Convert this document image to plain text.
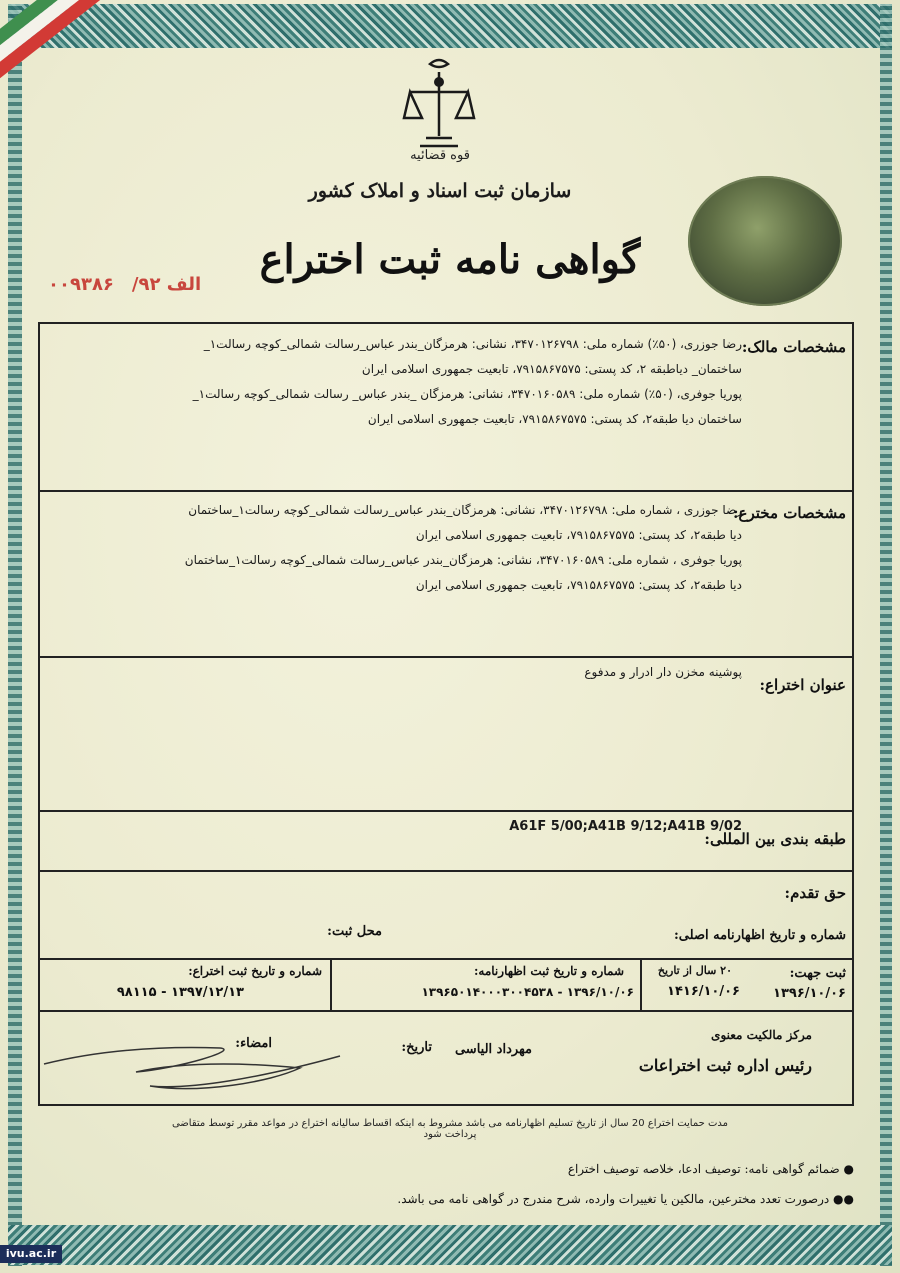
قوه قضائیه
سازمان ثبت اسناد و املاک کشور
گواهی نامه ثبت اختراع
الف ۹۲/
۰۰۹۳۸۶
مشخصات مالک:

رضا جوزری، (۵۰٪) شماره ملی: ۳۴۷۰۱۲۶۷۹۸، نشانی: هرمزگان_بندر عباس_رسالت شمالی_کوچه رسالت۱_

ساختمان_ دیاطبقه ۲، کد پستی: ۷۹۱۵۸۶۷۵۷۵، تابعیت جمهوری اسلامی ایران

پوریا جوفری، (۵۰٪) شماره ملی: ۳۴۷۰۱۶۰۵۸۹، نشانی: هرمزگان _بندر عباس_ رسالت شمالی_کوچه رسالت۱_

ساختمان دیا طبقه۲، کد پستی: ۷۹۱۵۸۶۷۵۷۵، تابعیت جمهوری اسلامی ایران

مشخصات مخترع:

رضا جوزری ، شماره ملی: ۳۴۷۰۱۲۶۷۹۸، نشانی: هرمزگان_بندر عباس_رسالت شمالی_کوچه رسالت۱_ساختمان

دیا طبقه۲، کد پستی: ۷۹۱۵۸۶۷۵۷۵، تابعیت جمهوری اسلامی ایران

پوریا جوفری ، شماره ملی: ۳۴۷۰۱۶۰۵۸۹، نشانی: هرمزگان_بندر عباس_رسالت شمالی_کوچه رسالت۱_ساختمان

دیا طبقه۲، کد پستی: ۷۹۱۵۸۶۷۵۷۵، تابعیت جمهوری اسلامی ایران

عنوان اختراع:
پوشینه مخزن دار ادرار و مدفوع
طبقه بندی بین المللی:
A61F 5/00;A41B 9/12;A41B 9/02
حق تقدم:
شماره و تاریخ اظهارنامه اصلی:
محل ثبت:
ثبت جهت:
۱۳۹۶/۱۰/۰۶
۲۰ سال از تاریخ
۱۴۱۶/۱۰/۰۶
شماره و تاریخ ثبت اظهارنامه:
۱۳۹۶/۱۰/۰۶ - ۱۳۹۶۵۰۱۴۰۰۰۳۰۰۴۵۳۸
شماره و تاریخ ثبت اختراع:
۱۳۹۷/۱۲/۱۳ - ۹۸۱۱۵
مرکز مالکیت معنوی
رئیس اداره ثبت اختراعات
مهرداد الیاسی
تاریخ:
امضاء:
مدت حمایت اختراع 20 سال از تاریخ تسلیم اظهارنامه می باشد مشروط به اینکه اقساط سالیانه اختراع در مواعد مقرر توسط متقاضی پرداخت شود
● ضمائم گواهی نامه: توصیف ادعا، خلاصه توصیف اختراع
●● درصورت تعدد مخترعین، مالکین یا تغییرات وارده، شرح مندرج در گواهی نامه می باشد.
ivu.ac.ir
